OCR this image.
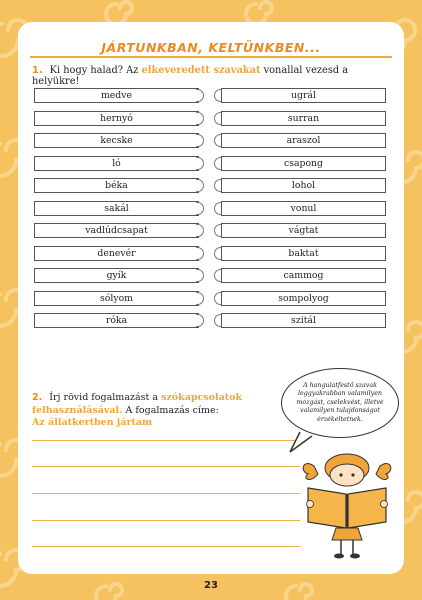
JÁRTUNKBAN, KELTÜNKBEN...
1. Ki hogy halad? Az elkeveredett szavakat vonallal vezesd a helyükre!
medve	ugrál
hernyó	surran
kecske	araszol
ló	csapong
béka	lohol
sakál	vonul
vadlúdcsapat	vágtat
denevér	baktat
gyík	cammog
sólyom	sompolyog
róka	szitál
2. Írj rövid fogalmazást a szókapcsolatok felhasználásával. A fogalmazás címe:
Az állatkertben jártam
A hangulatfestő szavak leggyakrabban valamilyen mozgást, cselekvést, illetve valamilyen tulajdonságot érzékeltetnek.
23
